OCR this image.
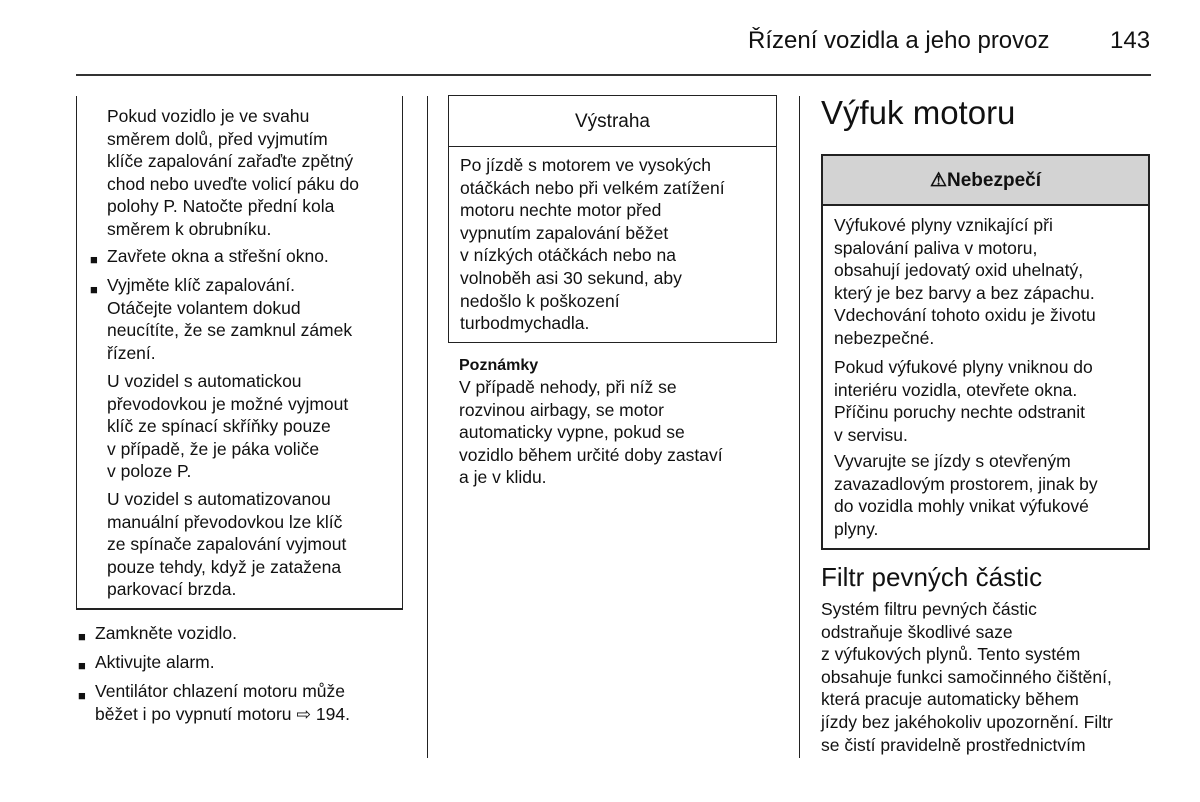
Řízení vozidla a jeho provoz	143
Pokud vozidlo je ve svahu
směrem dolů, před vyjmutím
klíče zapalování zařaďte zpětný
chod nebo uveďte volicí páku do
polohy P. Natočte přední kola
směrem k obrubníku.
■ Zavřete okna a střešní okno.
■ Vyjměte klíč zapalování.
Otáčejte volantem dokud
neucítíte, že se zamknul zámek
řízení.
U vozidel s automatickou
převodovkou je možné vyjmout
klíč ze spínací skříňky pouze
v případě, že je páka voliče
v poloze P.
U vozidel s automatizovanou
manuální převodovkou lze klíč
ze spínače zapalování vyjmout
pouze tehdy, když je zatažena
parkovací brzda.
■ Zamkněte vozidlo.
■ Aktivujte alarm.
■ Ventilátor chlazení motoru může
běžet i po vypnutí motoru ⇨ 194.
Výstraha
Po jízdě s motorem ve vysokých
otáčkách nebo při velkém zatížení
motoru nechte motor před
vypnutím zapalování běžet
v nízkých otáčkách nebo na
volnoběh asi 30 sekund, aby
nedošlo k poškození
turbodmychadla.
Poznámky
V případě nehody, při níž se
rozvinou airbagy, se motor
automaticky vypne, pokud se
vozidlo během určité doby zastaví
a je v klidu.
Výfuk motoru
⚠Nebezpečí
Výfukové plyny vznikající při
spalování paliva v motoru,
obsahují jedovatý oxid uhelnatý,
který je bez barvy a bez zápachu.
Vdechování tohoto oxidu je životu
nebezpečné.
Pokud výfukové plyny vniknou do
interiéru vozidla, otevřete okna.
Příčinu poruchy nechte odstranit
v servisu.
Vyvarujte se jízdy s otevřeným
zavazadlovým prostorem, jinak by
do vozidla mohly vnikat výfukové
plyny.
Filtr pevných částic
Systém filtru pevných částic
odstraňuje škodlivé saze
z výfukových plynů. Tento systém
obsahuje funkci samočinného čištění,
která pracuje automaticky během
jízdy bez jakéhokoliv upozornění. Filtr
se čistí pravidelně prostřednictvím
